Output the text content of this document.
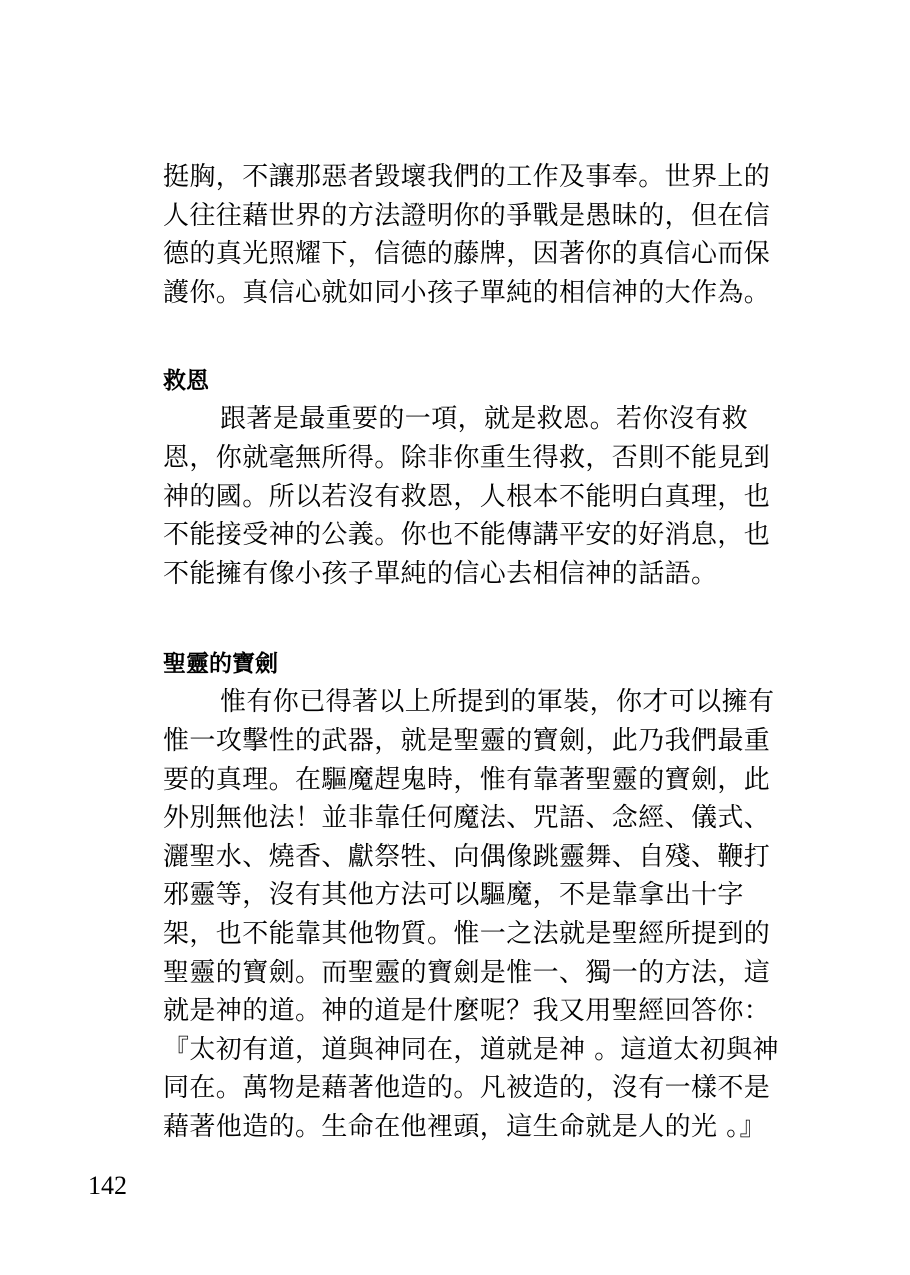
挺胸，不讓那惡者毀壞我們的工作及事奉。世界上的
人往往藉世界的方法證明你的爭戰是愚昧的，但在信
德的真光照耀下，信德的藤牌，因著你的真信心而保
護你。真信心就如同小孩子單純的相信神的大作為。
救恩
跟著是最重要的一項，就是救恩。若你沒有救
恩，你就毫無所得。除非你重生得救，否則不能見到
神的國。所以若沒有救恩，人根本不能明白真理，也
不能接受神的公義。你也不能傳講平安的好消息，也
不能擁有像小孩子單純的信心去相信神的話語。
聖靈的寶劍
惟有你已得著以上所提到的軍裝，你才可以擁有
惟一攻擊性的武器，就是聖靈的寶劍，此乃我們最重
要的真理。在驅魔趕鬼時，惟有靠著聖靈的寶劍，此
外別無他法！並非靠任何魔法、咒語、念經、儀式、
灑聖水、燒香、獻祭牲、向偶像跳靈舞、自殘、鞭打
邪靈等，沒有其他方法可以驅魔，不是靠拿出十字
架，也不能靠其他物質。惟一之法就是聖經所提到的
聖靈的寶劍。而聖靈的寶劍是惟一、獨一的方法，這
就是神的道。神的道是什麼呢？我又用聖經回答你：
『太初有道，道與神同在，道就是神 。這道太初與神
同在。萬物是藉著他造的。凡被造的，沒有一樣不是
藉著他造的。生命在他裡頭，這生命就是人的光 。』
142
